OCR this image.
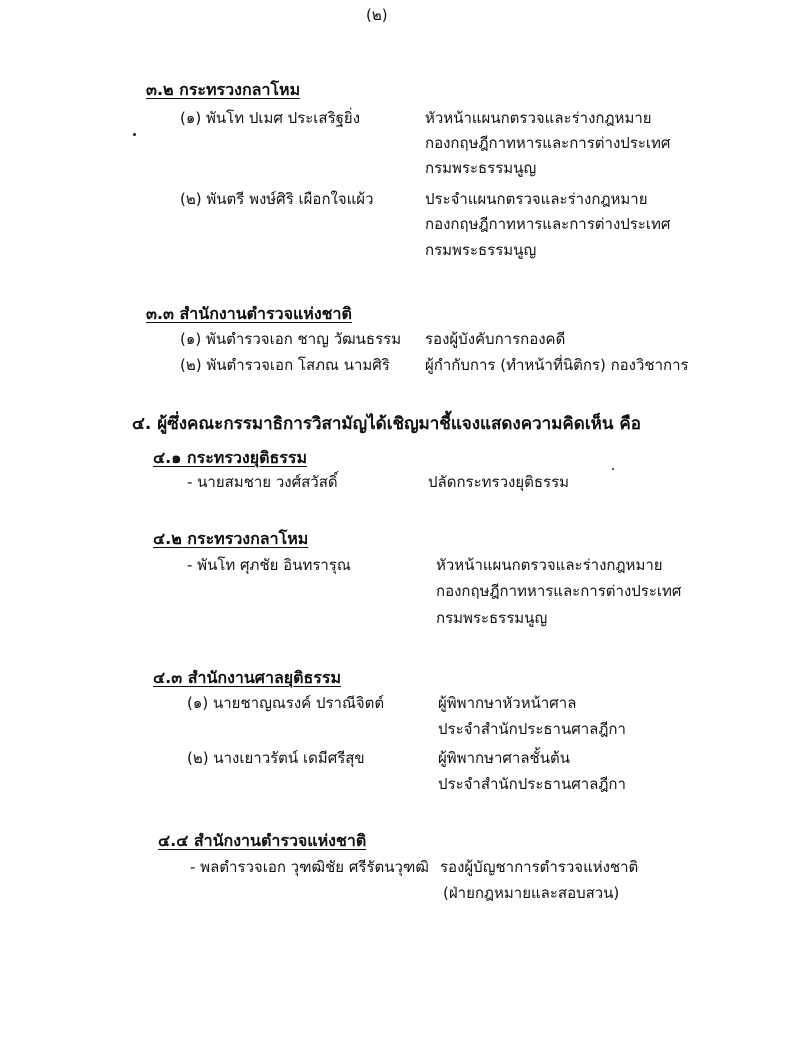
(๒)
๓.๒ กระทรวงกลาโหม
(๑) พันโท ปเมศ ประเสริฐยิ่ง	หัวหน้าแผนกตรวจและร่างกฎหมาย
กองกฤษฎีกาทหารและการต่างประเทศ
กรมพระธรรมนูญ
(๒) พันตรี พงษ์ศิริ เผือกใจแผ้ว	ประจำแผนกตรวจและร่างกฎหมาย
กองกฤษฎีกาทหารและการต่างประเทศ
กรมพระธรรมนูญ
๓.๓ สำนักงานตำรวจแห่งชาติ
(๑) พันตำรวจเอก ชาญ วัฒนธรรม รองผู้บังคับการกองคดี
(๒) พันตำรวจเอก โสภณ นามศิริ ผู้กำกับการ (ทำหน้าที่นิติกร) กองวิชาการ
๔. ผู้ซึ่งคณะกรรมาธิการวิสามัญได้เชิญมาชี้แจงแสดงความคิดเห็น คือ
๔.๑ กระทรวงยุติธรรม
- นายสมชาย วงศ์สวัสดิ์	ปลัดกระทรวงยุติธรรม
๔.๒ กระทรวงกลาโหม
- พันโท ศุภชัย อินทรารุณ	หัวหน้าแผนกตรวจและร่างกฎหมาย
กองกฤษฎีกาทหารและการต่างประเทศ
กรมพระธรรมนูญ
๔.๓ สำนักงานศาลยุติธรรม
(๑) นายชาญณรงค์ ปราณีจิตต์	ผู้พิพากษาหัวหน้าศาล
ประจำสำนักประธานศาลฎีกา
(๒) นางเยาวรัตน์ เดมีศรีสุข	ผู้พิพากษาศาลชั้นต้น
ประจำสำนักประธานศาลฎีกา
๔.๔ สำนักงานตำรวจแห่งชาติ
- พลตำรวจเอก วุฑฒิชัย ศรีรัตนวุฑฒิ รองผู้บัญชาการตำรวจแห่งชาติ
(ฝ่ายกฎหมายและสอบสวน)
